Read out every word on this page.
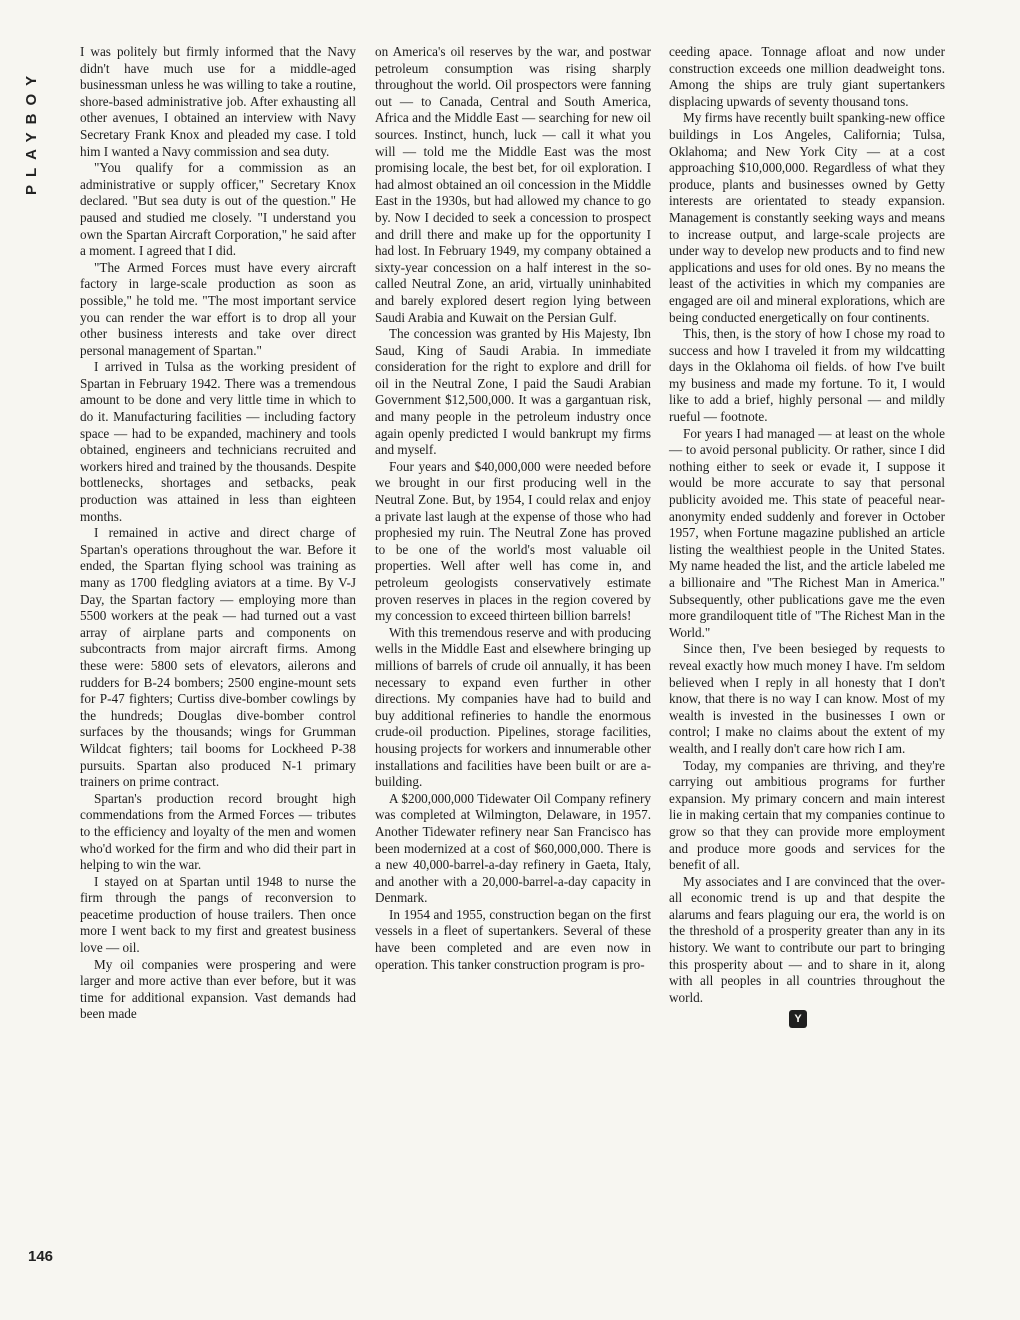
PLAYBOY

I was politely but firmly informed that the Navy didn't have much use for a middle-aged businessman unless he was willing to take a routine, shore-based administrative job. After exhausting all other avenues, I obtained an interview with Navy Secretary Frank Knox and pleaded my case. I told him I wanted a Navy commission and sea duty.

"You qualify for a commission as an administrative or supply officer," Secretary Knox declared. "But sea duty is out of the question." He paused and studied me closely. "I understand you own the Spartan Aircraft Corporation," he said after a moment. I agreed that I did.

"The Armed Forces must have every aircraft factory in large-scale production as soon as possible," he told me. "The most important service you can render the war effort is to drop all your other business interests and take over direct personal management of Spartan."

I arrived in Tulsa as the working president of Spartan in February 1942. There was a tremendous amount to be done and very little time in which to do it. Manufacturing facilities — including factory space — had to be expanded, machinery and tools obtained, engineers and technicians recruited and workers hired and trained by the thousands. Despite bottlenecks, shortages and setbacks, peak production was attained in less than eighteen months.

I remained in active and direct charge of Spartan's operations throughout the war. Before it ended, the Spartan flying school was training as many as 1700 fledgling aviators at a time. By V-J Day, the Spartan factory — employing more than 5500 workers at the peak — had turned out a vast array of airplane parts and components on subcontracts from major aircraft firms. Among these were: 5800 sets of elevators, ailerons and rudders for B-24 bombers; 2500 engine-mount sets for P-47 fighters; Curtiss dive-bomber cowlings by the hundreds; Douglas dive-bomber control surfaces by the thousands; wings for Grumman Wildcat fighters; tail booms for Lockheed P-38 pursuits. Spartan also produced N-1 primary trainers on prime contract.

Spartan's production record brought high commendations from the Armed Forces — tributes to the efficiency and loyalty of the men and women who'd worked for the firm and who did their part in helping to win the war.

I stayed on at Spartan until 1948 to nurse the firm through the pangs of reconversion to peacetime production of house trailers. Then once more I went back to my first and greatest business love — oil.

My oil companies were prospering and were larger and more active than ever before, but it was time for additional expansion. Vast demands had been made

on America's oil reserves by the war, and postwar petroleum consumption was rising sharply throughout the world. Oil prospectors were fanning out — to Canada, Central and South America, Africa and the Middle East — searching for new oil sources. Instinct, hunch, luck — call it what you will — told me the Middle East was the most promising locale, the best bet, for oil exploration. I had almost obtained an oil concession in the Middle East in the 1930s, but had allowed my chance to go by. Now I decided to seek a concession to prospect and drill there and make up for the opportunity I had lost. In February 1949, my company obtained a sixty-year concession on a half interest in the so-called Neutral Zone, an arid, virtually uninhabited and barely explored desert region lying between Saudi Arabia and Kuwait on the Persian Gulf.

The concession was granted by His Majesty, Ibn Saud, King of Saudi Arabia. In immediate consideration for the right to explore and drill for oil in the Neutral Zone, I paid the Saudi Arabian Government $12,500,000. It was a gargantuan risk, and many people in the petroleum industry once again openly predicted I would bankrupt my firms and myself.

Four years and $40,000,000 were needed before we brought in our first producing well in the Neutral Zone. But, by 1954, I could relax and enjoy a private last laugh at the expense of those who had prophesied my ruin. The Neutral Zone has proved to be one of the world's most valuable oil properties. Well after well has come in, and petroleum geologists conservatively estimate proven reserves in places in the region covered by my concession to exceed thirteen billion barrels!

With this tremendous reserve and with producing wells in the Middle East and elsewhere bringing up millions of barrels of crude oil annually, it has been necessary to expand even further in other directions. My companies have had to build and buy additional refineries to handle the enormous crude-oil production. Pipelines, storage facilities, housing projects for workers and innumerable other installations and facilities have been built or are a-building.

A $200,000,000 Tidewater Oil Company refinery was completed at Wilmington, Delaware, in 1957. Another Tidewater refinery near San Francisco has been modernized at a cost of $60,000,000. There is a new 40,000-barrel-a-day refinery in Gaeta, Italy, and another with a 20,000-barrel-a-day capacity in Denmark.

In 1954 and 1955, construction began on the first vessels in a fleet of supertankers. Several of these have been completed and are even now in operation. This tanker construction program is pro-

ceeding apace. Tonnage afloat and now under construction exceeds one million deadweight tons. Among the ships are truly giant supertankers displacing upwards of seventy thousand tons.

My firms have recently built spanking-new office buildings in Los Angeles, California; Tulsa, Oklahoma; and New York City — at a cost approaching $10,000,000. Regardless of what they produce, plants and businesses owned by Getty interests are orientated to steady expansion. Management is constantly seeking ways and means to increase output, and large-scale projects are under way to develop new products and to find new applications and uses for old ones. By no means the least of the activities in which my companies are engaged are oil and mineral explorations, which are being conducted energetically on four continents.

This, then, is the story of how I chose my road to success and how I traveled it from my wildcatting days in the Oklahoma oil fields. of how I've built my business and made my fortune. To it, I would like to add a brief, highly personal — and mildly rueful — footnote.

For years I had managed — at least on the whole — to avoid personal publicity. Or rather, since I did nothing either to seek or evade it, I suppose it would be more accurate to say that personal publicity avoided me. This state of peaceful near-anonymity ended suddenly and forever in October 1957, when Fortune magazine published an article listing the wealthiest people in the United States. My name headed the list, and the article labeled me a billionaire and "The Richest Man in America." Subsequently, other publications gave me the even more grandiloquent title of "The Richest Man in the World."

Since then, I've been besieged by requests to reveal exactly how much money I have. I'm seldom believed when I reply in all honesty that I don't know, that there is no way I can know. Most of my wealth is invested in the businesses I own or control; I make no claims about the extent of my wealth, and I really don't care how rich I am.

Today, my companies are thriving, and they're carrying out ambitious programs for further expansion. My primary concern and main interest lie in making certain that my companies continue to grow so that they can provide more employment and produce more goods and services for the benefit of all.

My associates and I are convinced that the over-all economic trend is up and that despite the alarums and fears plaguing our era, the world is on the threshold of a prosperity greater than any in its history. We want to contribute our part to bringing this prosperity about — and to share in it, along with all peoples in all countries throughout the world.

Y
146
